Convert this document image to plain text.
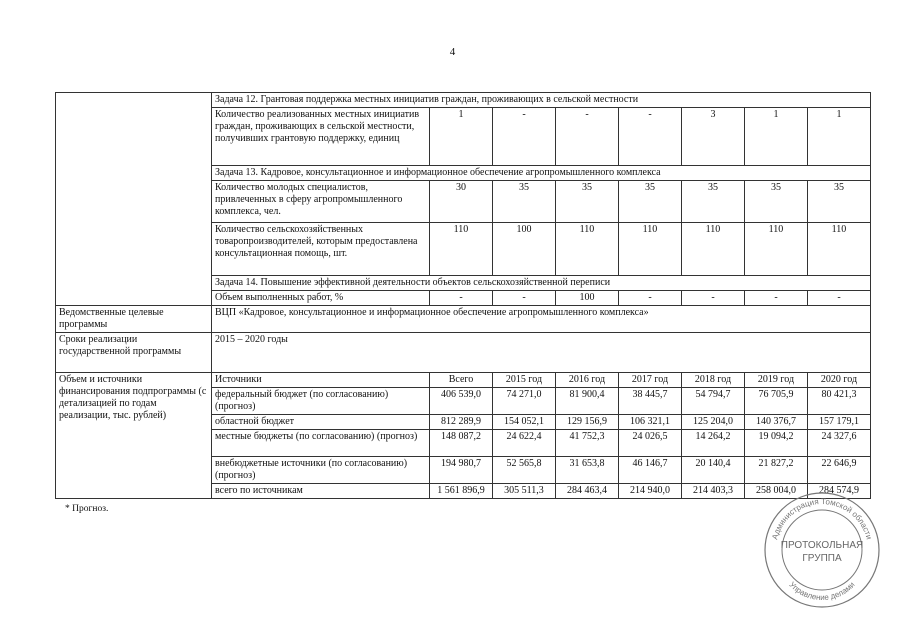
4
	Задача 12. Грантовая поддержка местных инициатив граждан, проживающих в сельской местности							
	Количество реализованных местных инициатив граждан, проживающих в сельской местности, получивших грантовую поддержку, единиц	1	-	-	-	3	1	1
	Задача 13. Кадровое, консультационное и информационное обеспечение агропромышленного комплекса							
	Количество молодых специалистов, привлеченных в сферу агропромышленного комплекса, чел.	30	35	35	35	35	35	35
	Количество сельскохозяйственных товаропроизводителей, которым предоставлена консультационная помощь, шт.	110	100	110	110	110	110	110
	Задача 14. Повышение эффективной деятельности объектов сельскохозяйственной переписи							
	Объем выполненных работ, %	-	-	100	-	-	-	-

Ведомственные целевые программы	ВЦП «Кадровое, консультационное и информационное обеспечение агропромышленного комплекса»							
Сроки реализации государственной программы	2015 – 2020 годы							
Объем и источники финансирования подпрограммы (с детализацией по годам реализации, тыс. рублей)	Источники	Всего	2015 год	2016 год	2017 год	2018 год	2019 год	2020 год
	федеральный бюджет (по согласованию) (прогноз)	406 539,0	74 271,0	81 900,4	38 445,7	54 794,7	76 705,9	80 421,3
	областной бюджет	812 289,9	154 052,1	129 156,9	106 321,1	125 204,0	140 376,7	157 179,1
	местные бюджеты (по согласованию) (прогноз)	148 087,2	24 622,4	41 752,3	24 026,5	14 264,2	19 094,2	24 327,6
	внебюджетные источники (по согласованию) (прогноз)	194 980,7	52 565,8	31 653,8	46 146,7	20 140,4	21 827,2	22 646,9
	всего по источникам	1 561 896,9	305 511,3	284 463,4	214 940,0	214 403,3	258 004,0	284 574,9
* Прогноз.
Администрация Томской области
Управление делами
ПРОТОКОЛЬНАЯ
ГРУППА
